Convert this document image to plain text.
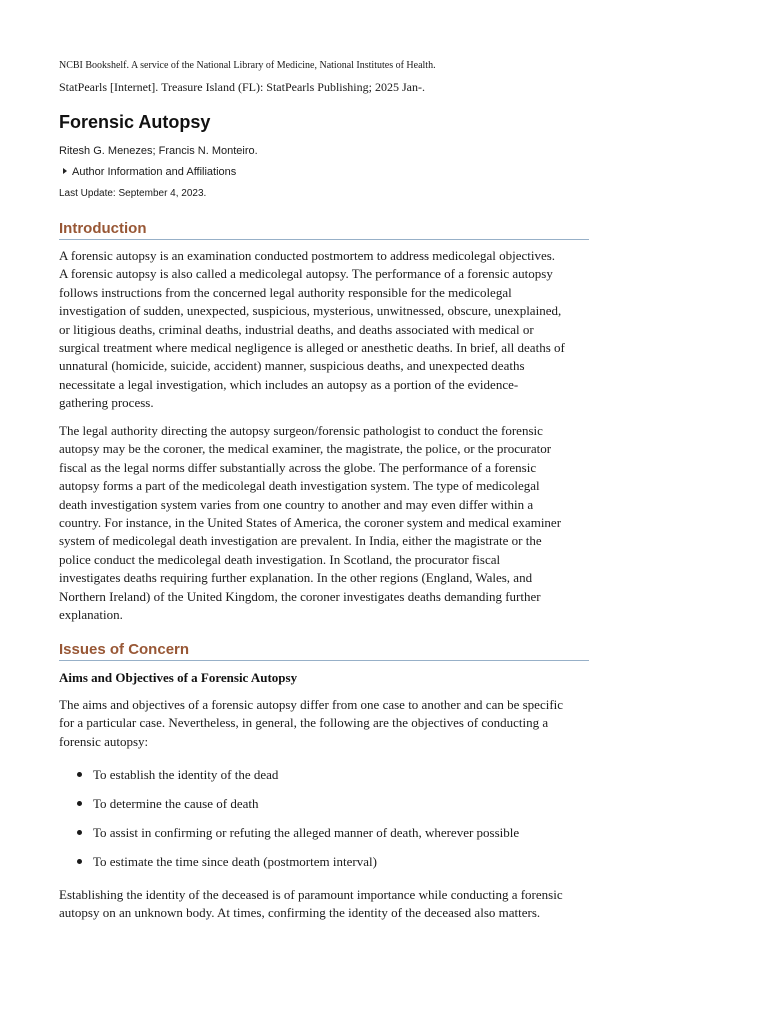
NCBI Bookshelf. A service of the National Library of Medicine, National Institutes of Health.
StatPearls [Internet]. Treasure Island (FL): StatPearls Publishing; 2025 Jan-.
Forensic Autopsy
Ritesh G. Menezes; Francis N. Monteiro.
Author Information and Affiliations
Last Update: September 4, 2023.
Introduction

A forensic autopsy is an examination conducted postmortem to address medicolegal objectives.
A forensic autopsy is also called a medicolegal autopsy. The performance of a forensic autopsy
follows instructions from the concerned legal authority responsible for the medicolegal
investigation of sudden, unexpected, suspicious, mysterious, unwitnessed, obscure, unexplained,
or litigious deaths, criminal deaths, industrial deaths, and deaths associated with medical or
surgical treatment where medical negligence is alleged or anesthetic deaths. In brief, all deaths of
unnatural (homicide, suicide, accident) manner, suspicious deaths, and unexpected deaths
necessitate a legal investigation, which includes an autopsy as a portion of the evidence-
gathering process.

The legal authority directing the autopsy surgeon/forensic pathologist to conduct the forensic
autopsy may be the coroner, the medical examiner, the magistrate, the police, or the procurator
fiscal as the legal norms differ substantially across the globe. The performance of a forensic
autopsy forms a part of the medicolegal death investigation system. The type of medicolegal
death investigation system varies from one country to another and may even differ within a
country. For instance, in the United States of America, the coroner system and medical examiner
system of medicolegal death investigation are prevalent. In India, either the magistrate or the
police conduct the medicolegal death investigation. In Scotland, the procurator fiscal
investigates deaths requiring further explanation. In the other regions (England, Wales, and
Northern Ireland) of the United Kingdom, the coroner investigates deaths demanding further
explanation.

Issues of Concern
Aims and Objectives of a Forensic Autopsy

The aims and objectives of a forensic autopsy differ from one case to another and can be specific
for a particular case. Nevertheless, in general, the following are the objectives of conducting a
forensic autopsy:

To establish the identity of the dead
To determine the cause of death
To assist in confirming or refuting the alleged manner of death, wherever possible
To estimate the time since death (postmortem interval)

Establishing the identity of the deceased is of paramount importance while conducting a forensic
autopsy on an unknown body. At times, confirming the identity of the deceased also matters.
